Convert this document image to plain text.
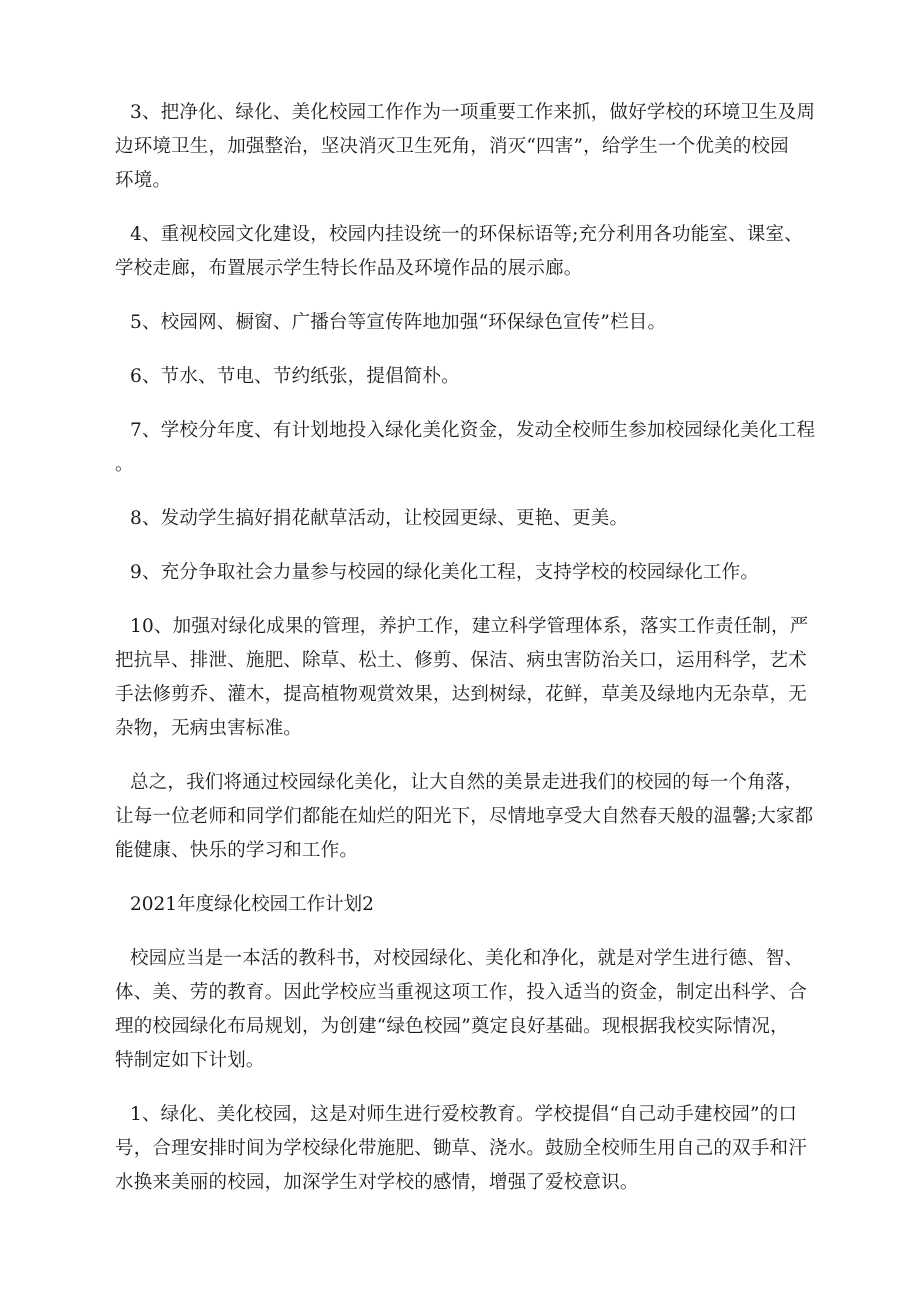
3、把净化、绿化、美化校园工作作为一项重要工作来抓，做好学校的环境卫生及周
边环境卫生，加强整治，坚决消灭卫生死角，消灭“四害”，给学生一个优美的校园
环境。

4、重视校园文化建设，校园内挂设统一的环保标语等;充分利用各功能室、课室、
学校走廊，布置展示学生特长作品及环境作品的展示廊。

5、校园网、橱窗、广播台等宣传阵地加强“环保绿色宣传”栏目。

6、节水、节电、节约纸张，提倡简朴。

7、学校分年度、有计划地投入绿化美化资金，发动全校师生参加校园绿化美化工程
。

8、发动学生搞好捐花献草活动，让校园更绿、更艳、更美。

9、充分争取社会力量参与校园的绿化美化工程，支持学校的校园绿化工作。

10、加强对绿化成果的管理，养护工作，建立科学管理体系，落实工作责任制，严
把抗旱、排泄、施肥、除草、松土、修剪、保洁、病虫害防治关口，运用科学，艺术
手法修剪乔、灌木，提高植物观赏效果，达到树绿，花鲜，草美及绿地内无杂草，无
杂物，无病虫害标准。

总之，我们将通过校园绿化美化，让大自然的美景走进我们的校园的每一个角落，
让每一位老师和同学们都能在灿烂的阳光下，尽情地享受大自然春天般的温馨;大家都
能健康、快乐的学习和工作。

2021年度绿化校园工作计划2

校园应当是一本活的教科书，对校园绿化、美化和净化，就是对学生进行德、智、
体、美、劳的教育。因此学校应当重视这项工作，投入适当的资金，制定出科学、合
理的校园绿化布局规划，为创建“绿色校园”奠定良好基础。现根据我校实际情况，
特制定如下计划。

1、绿化、美化校园，这是对师生进行爱校教育。学校提倡“自己动手建校园”的口
号，合理安排时间为学校绿化带施肥、锄草、浇水。鼓励全校师生用自己的双手和汗
水换来美丽的校园，加深学生对学校的感情，增强了爱校意识。
